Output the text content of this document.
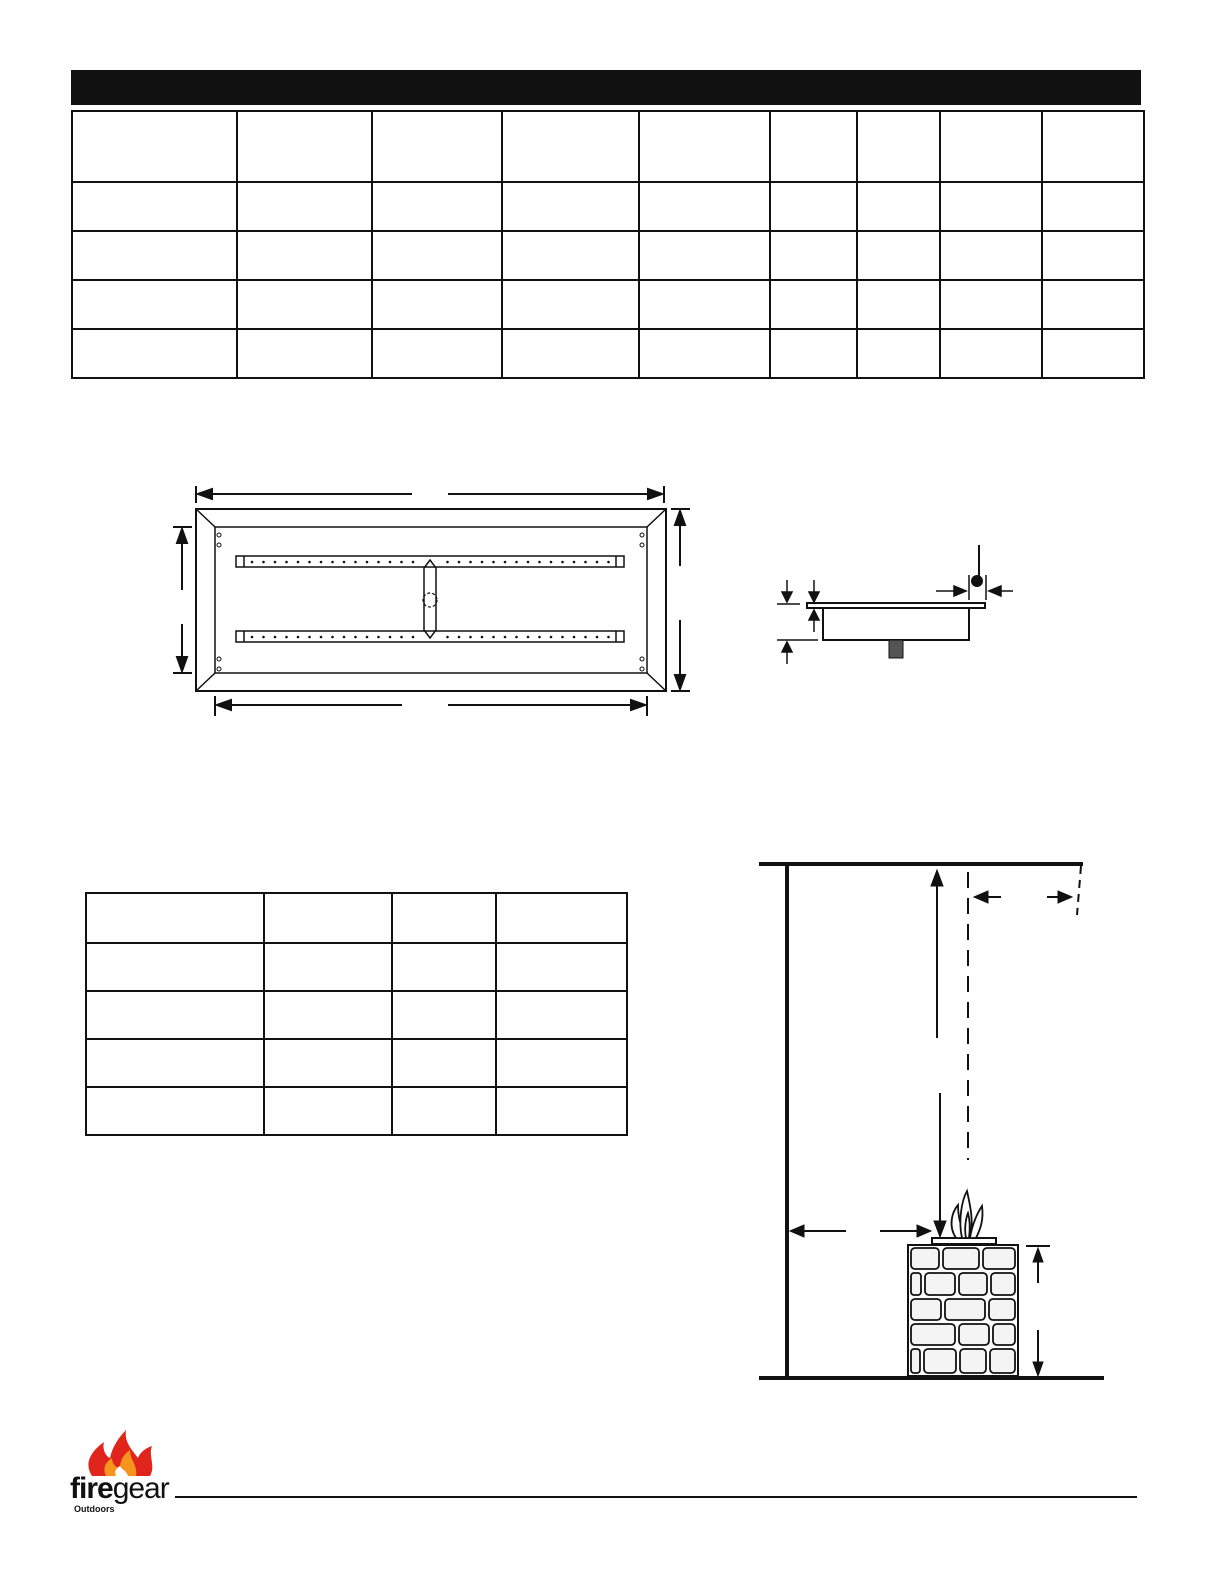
firegear
Outdoors
